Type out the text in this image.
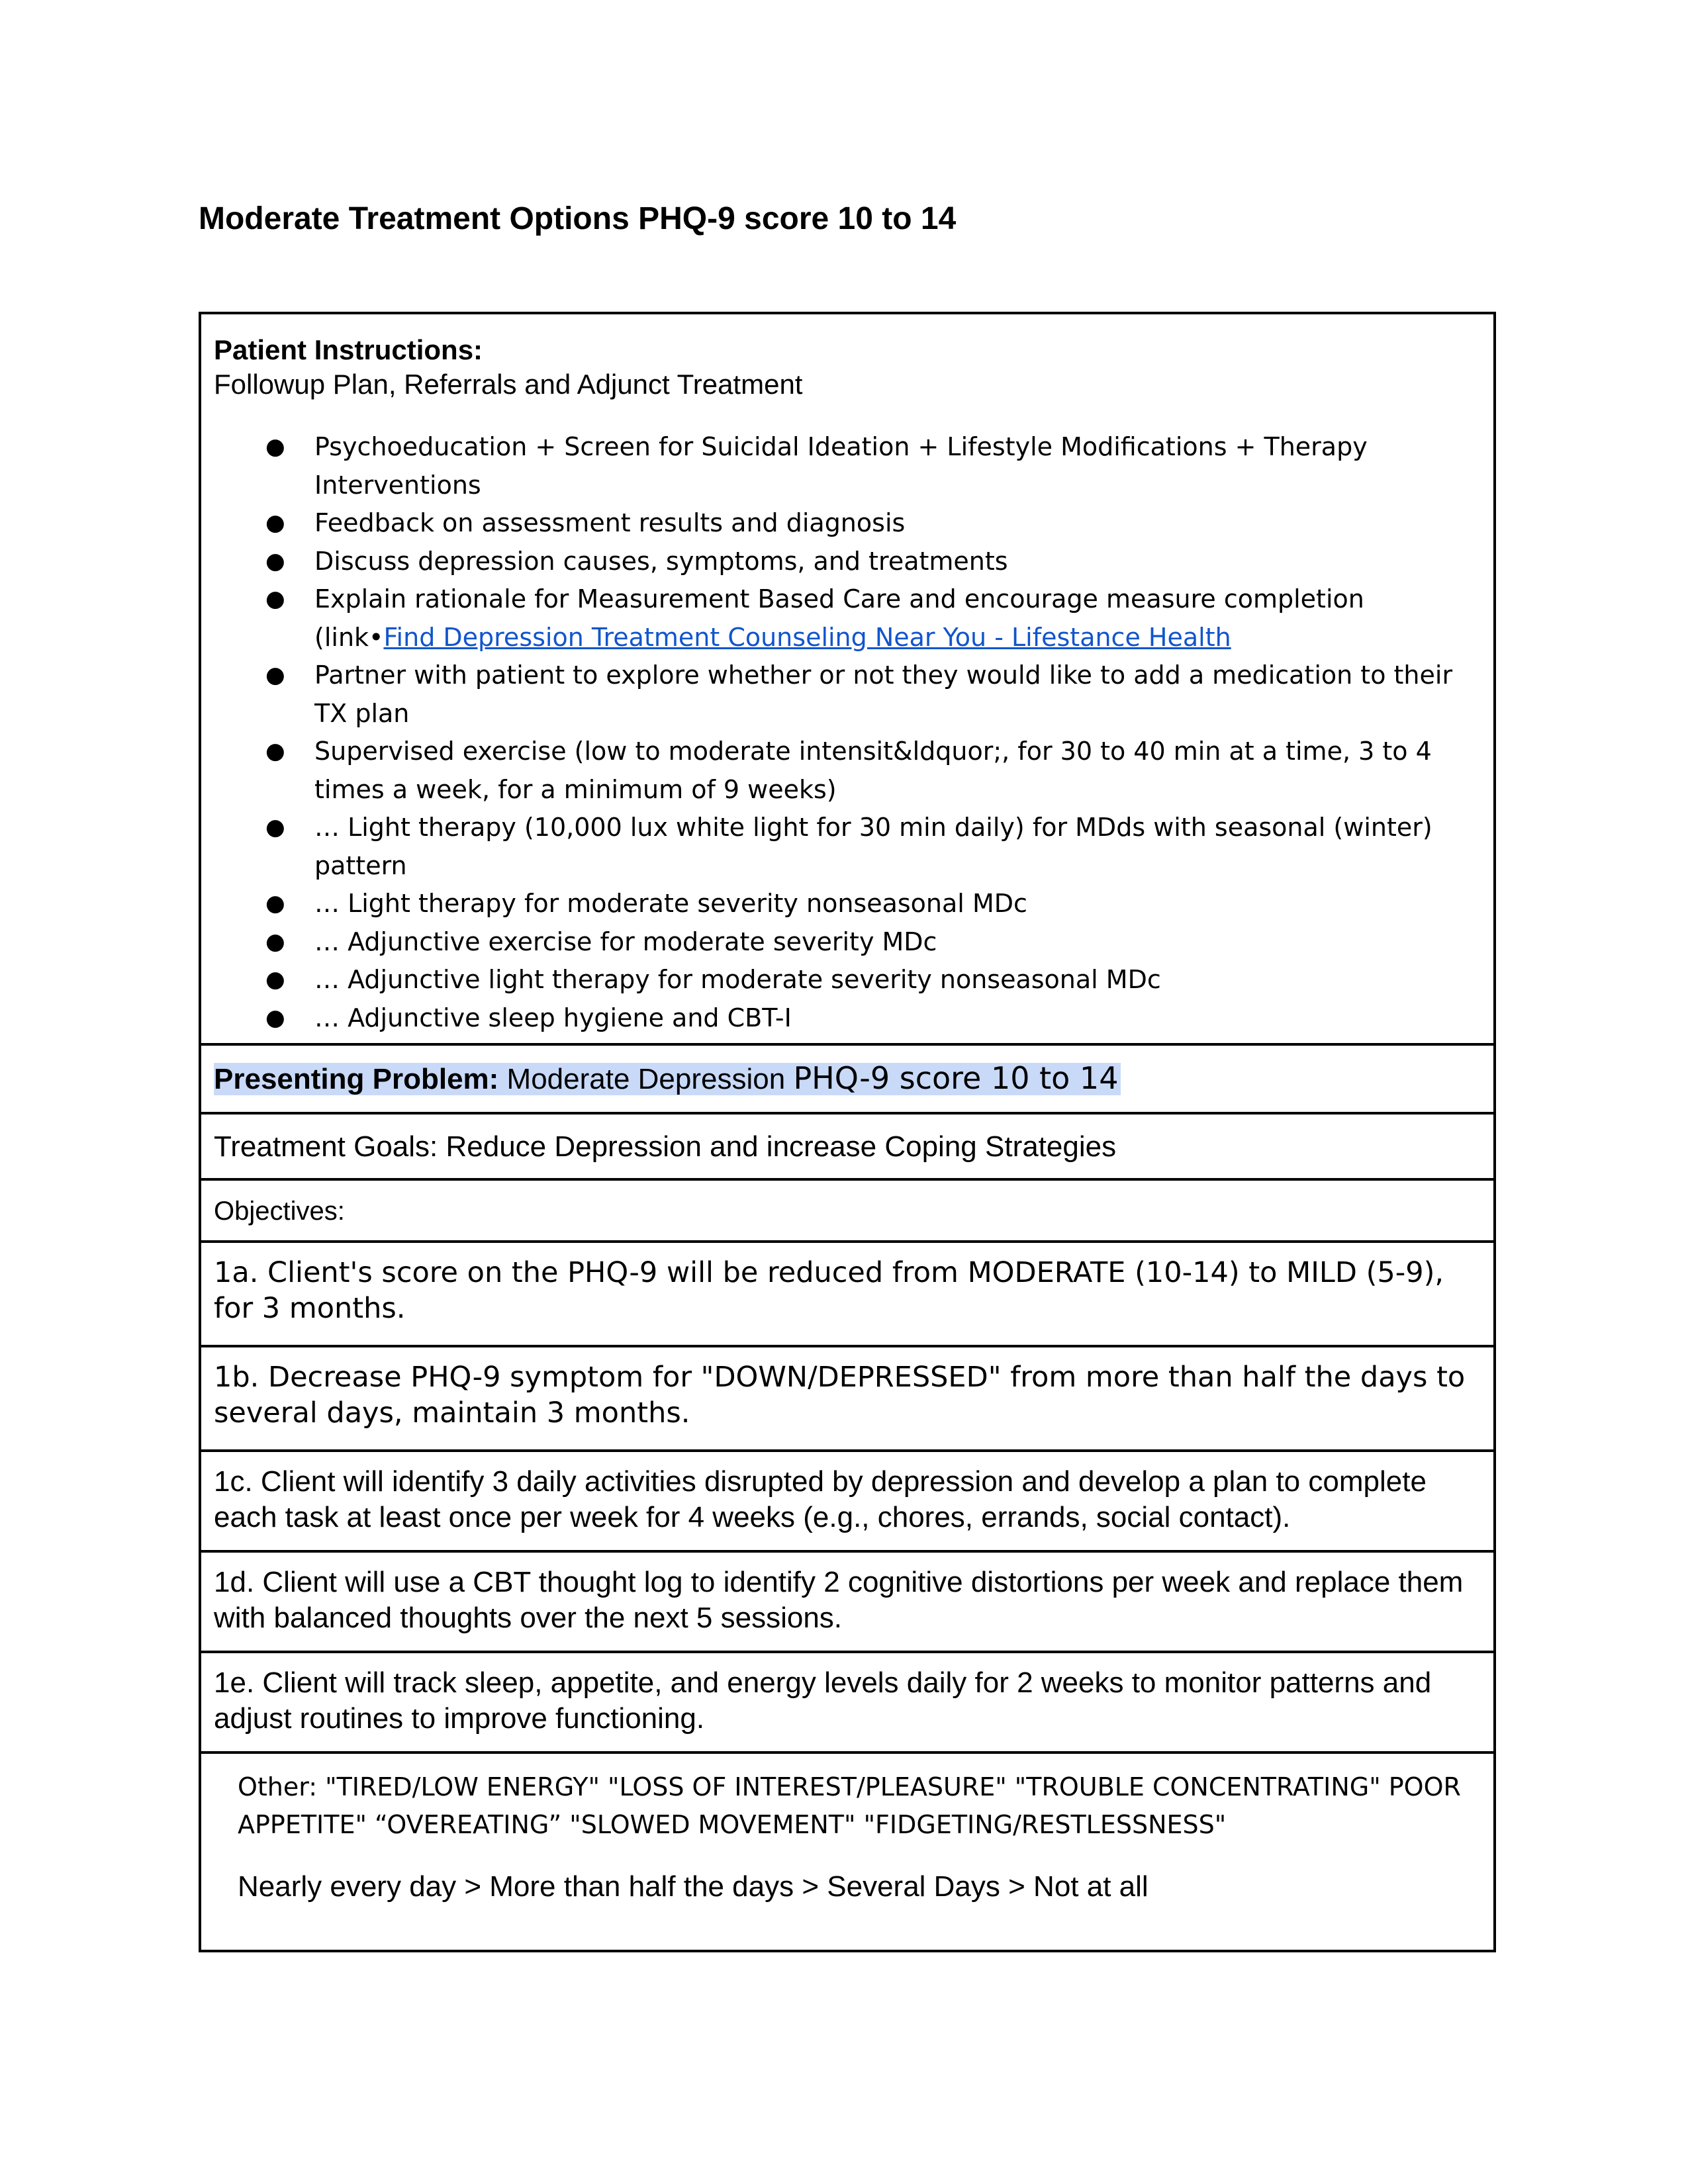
Moderate Treatment Options PHQ-9 score 10 to 14
Patient Instructions:
Followup Plan, Referrals and Adjunct Treatment
● Psychoeducation + Screen for Suicidal Ideation + Lifestyle Modifications + Therapy Interventions
● Feedback on assessment results and diagnosis
● Discuss depression causes, symptoms, and treatments
● Explain rationale for Measurement Based Care and encourage measure completion (link•Find Depression Treatment Counseling Near You - Lifestance Health
● Partner with patient to explore whether or not they would like to add a medication to their TX plan
● Supervised exercise (low to moderate intensit&ldquor;, for 30 to 40 min at a time, 3 to 4 times a week, for a minimum of 9 weeks)
● … Light therapy (10,000 lux white light for 30 min daily) for MDds with seasonal (winter) pattern
● … Light therapy for moderate severity nonseasonal MDc
● … Adjunctive exercise for moderate severity MDc
● … Adjunctive light therapy for moderate severity nonseasonal MDc
● … Adjunctive sleep hygiene and CBT-I
Presenting Problem: Moderate Depression PHQ-9 score 10 to 14
Treatment Goals: Reduce Depression and increase Coping Strategies
Objectives:
1a. Client's score on the PHQ-9 will be reduced from MODERATE (10-14) to MILD (5-9), for 3 months.
1b. Decrease PHQ-9 symptom for "DOWN/DEPRESSED" from more than half the days to several days, maintain 3 months.
1c. Client will identify 3 daily activities disrupted by depression and develop a plan to complete each task at least once per week for 4 weeks (e.g., chores, errands, social contact).
1d. Client will use a CBT thought log to identify 2 cognitive distortions per week and replace them with balanced thoughts over the next 5 sessions.
1e. Client will track sleep, appetite, and energy levels daily for 2 weeks to monitor patterns and adjust routines to improve functioning.
Other: "TIRED/LOW ENERGY" "LOSS OF INTEREST/PLEASURE" "TROUBLE CONCENTRATING" POOR APPETITE" “OVEREATING” "SLOWED MOVEMENT" "FIDGETING/RESTLESSNESS"
Nearly every day > More than half the days > Several Days > Not at all
